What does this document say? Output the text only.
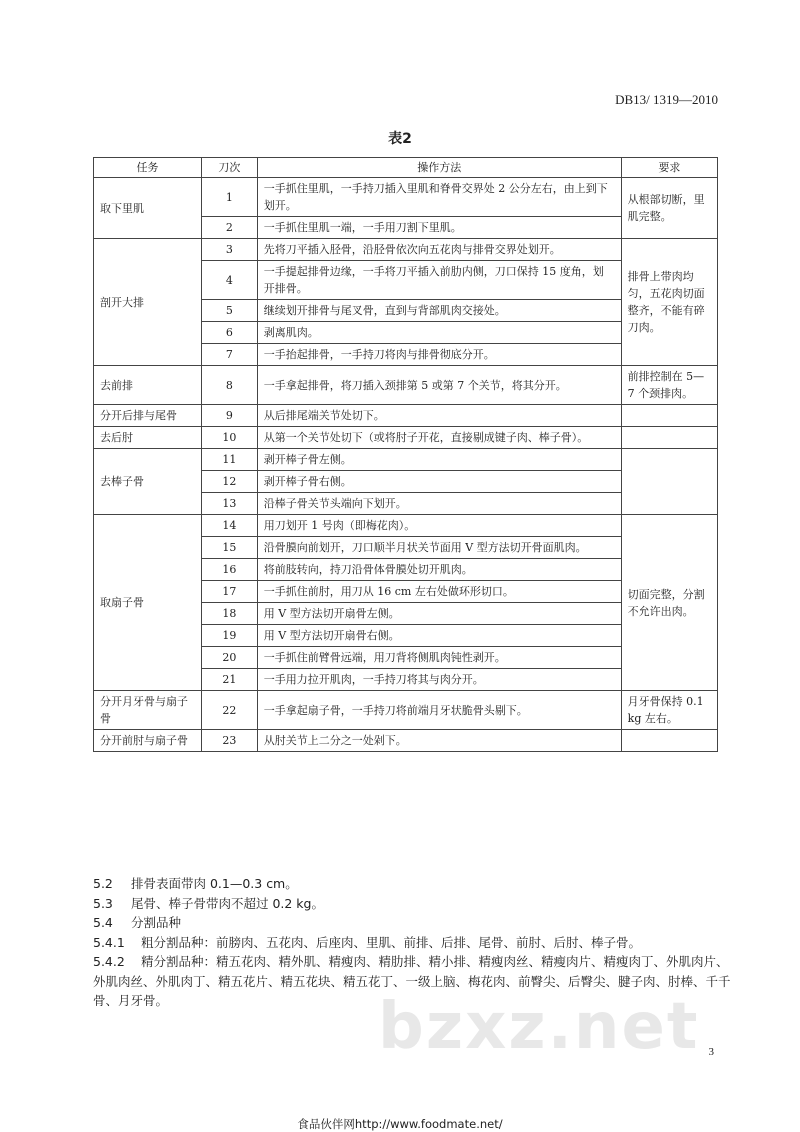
DB13/ 1319—2010
表2
任务	刀次	操作方法	要求
取下里肌	1	一手抓住里肌，一手持刀插入里肌和脊骨交界处 2 公分左右，由上到下划开。	从根部切断，里肌完整。
	2	一手抓住里肌一端，一手用刀割下里肌。	
剖开大排	3	先将刀平插入胫骨，沿胫骨依次向五花肉与排骨交界处划开。	排骨上带肉均匀，五花肉切面整齐，不能有碎刀肉。
	4	一手提起排骨边缘，一手将刀平插入前肋内侧，刀口保持 15 度角，划开排骨。	
	5	继续划开排骨与尾叉骨，直到与背部肌肉交接处。	
	6	剥离肌肉。	
	7	一手抬起排骨，一手持刀将肉与排骨彻底分开。	
去前排	8	一手拿起排骨，将刀插入颈排第 5 或第 7 个关节，将其分开。	前排控制在 5—7 个颈排肉。
分开后排与尾骨	9	从后排尾端关节处切下。	
去后肘	10	从第一个关节处切下（或将肘子开花，直接剔成键子肉、棒子骨）。	
去棒子骨	11	剥开棒子骨左侧。	
	12	剥开棒子骨右侧。	
	13	沿棒子骨关节头端向下划开。	
取扇子骨	14	用刀划开 1 号肉（即梅花肉）。	切面完整，分割不允许出肉。
	15	沿骨膜向前划开，刀口顺半月状关节面用 V 型方法切开骨面肌肉。	
	16	将前肢转向，持刀沿骨体骨膜处切开肌肉。	
	17	一手抓住前肘，用刀从 16 cm 左右处做环形切口。	
	18	用 V 型方法切开扇骨左侧。	
	19	用 V 型方法切开扇骨右侧。	
	20	一手抓住前臂骨远端，用刀背将侧肌肉钝性剥开。	
	21	一手用力拉开肌肉，一手持刀将其与肉分开。	
分开月牙骨与扇子骨	22	一手拿起扇子骨，一手持刀将前端月牙状脆骨头剔下。	月牙骨保持 0.1 kg 左右。
分开前肘与扇子骨	23	从肘关节上二分之一处剁下。	

5.2 排骨表面带肉 0.1—0.3 cm。

5.3 尾骨、棒子骨带肉不超过 0.2 kg。

5.4 分割品种

5.4.1 粗分割品种：前膀肉、五花肉、后座肉、里肌、前排、后排、尾骨、前肘、后肘、棒子骨。

5.4.2 精分割品种：精五花肉、精外肌、精瘦肉、精肋排、精小排、精瘦肉丝、精瘦肉片、精瘦肉丁、外肌肉片、外肌肉丝、外肌肉丁、精五花片、精五花块、精五花丁、一级上脑、梅花肉、前臀尖、后臀尖、腱子肉、肘棒、千千骨、月牙骨。	bzxz.net 3
食品伙伴网http://www.foodmate.net/
